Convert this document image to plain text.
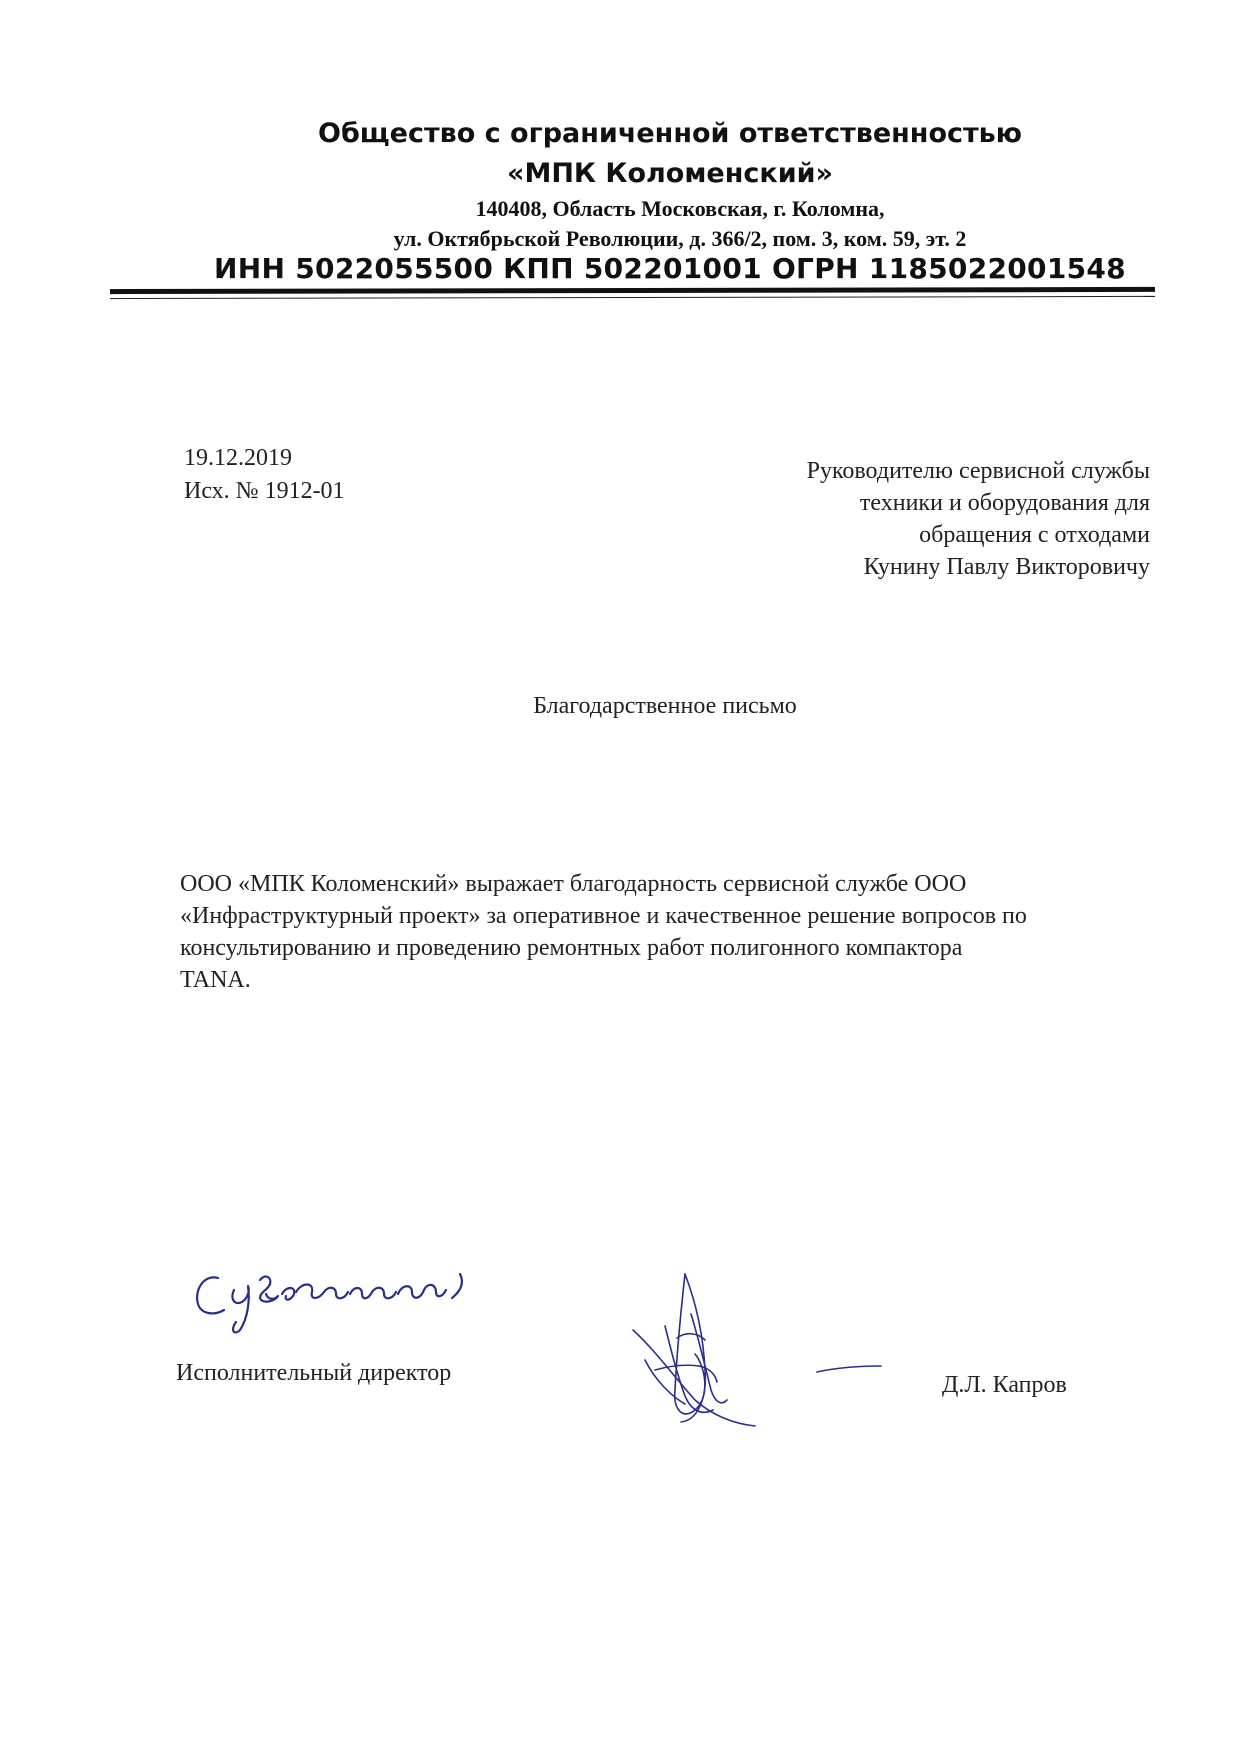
Общество с ограниченной ответственностью
«МПК Коломенский»
140408, Область Московская, г. Коломна,
ул. Октябрьской Революции, д. 366/2, пом. 3, ком. 59, эт. 2
ИНН 5022055500 КПП 502201001 ОГРН 1185022001548
19.12.2019
Исх. № 1912-01
Руководителю сервисной службы
техники и оборудования для
обращения с отходами
Кунину Павлу Викторовичу
Благодарственное письмо
ООО «МПК Коломенский» выражает благодарность сервисной службе ООО
«Инфраструктурный проект» за оперативное и качественное решение вопросов по
консультированию и проведению ремонтных работ полигонного компактора
TANA.
Исполнительный директор	Д.Л. Капров
